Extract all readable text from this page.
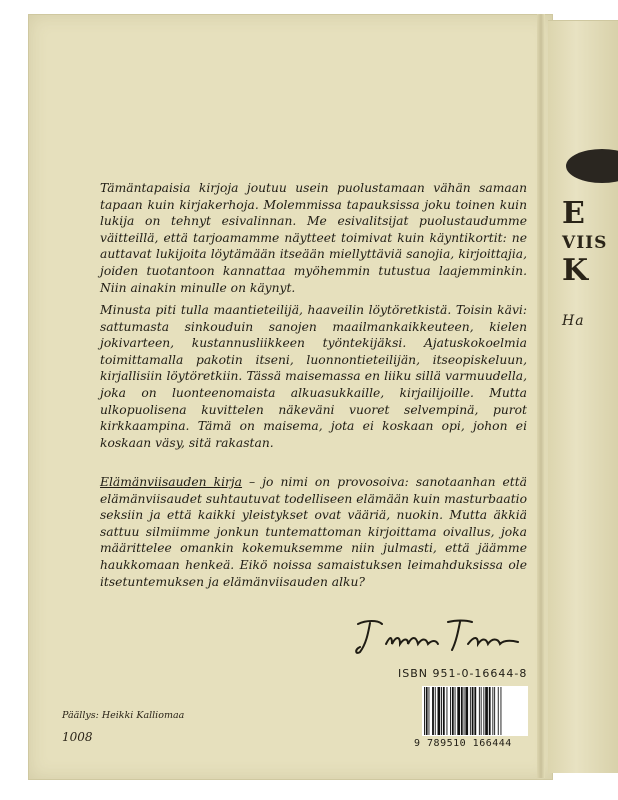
E
VIIS
K
Ha

Tämäntapaisia kirjoja joutuu usein puolustamaan vähän samaan tapaan kuin kirjakerhoja. Molemmissa tapauksissa joku toinen kuin lukija on tehnyt esivalinnan. Me esivalitsijat puolustaudumme väitteillä, että tarjoamamme näytteet toimivat kuin käyntikortit: ne auttavat lukijoita löytämään itseään miellyttäviä sanojia, kirjoittajia, joiden tuotantoon kannattaa myöhemmin tutustua laajemminkin. Niin ainakin minulle on käynyt.

Minusta piti tulla maantieteilijä, haaveilin löytöretkistä. Toisin kävi: sattumasta sinkouduin sanojen maailmankaikkeuteen, kielen jokivarteen, kustannusliikkeen työntekijäksi. Ajatuskokoelmia toimittamalla pakotin itseni, luonnontieteilijän, itseopiskeluun, kirjallisiin löytöretkiin. Tässä maisemassa en liiku sillä varmuudella, joka on luonteenomaista alkuasukkaille, kirjailijoille. Mutta ulkopuolisena kuvittelen näkeväni vuoret selvempinä, purot kirkkaampina. Tämä on maisema, jota ei koskaan opi, johon ei koskaan väsy, sitä rakastan.

Elämänviisauden kirja – jo nimi on provosoiva: sanotaanhan että elämänviisaudet suhtautuvat todelliseen elämään kuin masturbaatio seksiin ja että kaikki yleistykset ovat vääriä, nuokin. Mutta äkkiä sattuu silmiimme jonkun tuntemattoman kirjoittama oivallus, joka määrittelee omankin kokemuksemme niin julmasti, että jäämme haukkomaan henkeä. Eikö noissa samaistuksen leimahduksissa ole itsetuntemuksen ja elämänviisauden alku?

ISBN 951-0-16644-8
9 789510 166444
Päällys: Heikki Kalliomaa
1008
